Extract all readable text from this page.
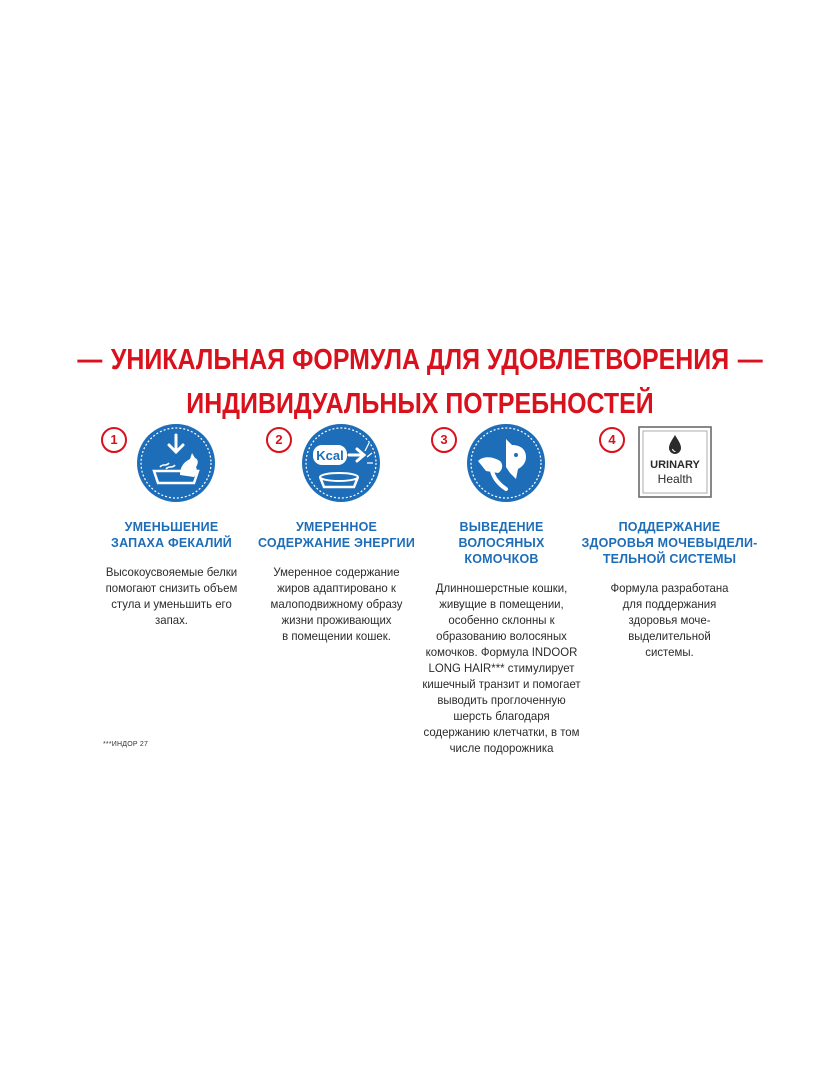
— УНИКАЛЬНАЯ ФОРМУЛА ДЛЯ УДОВЛЕТВОРЕНИЯ —
ИНДИВИДУАЛЬНЫХ ПОТРЕБНОСТЕЙ
1
УМЕНЬШЕНИЕ
ЗАПАХА ФЕКАЛИЙ
Высокоусвояемые белки
помогают снизить объем
стула и уменьшить его
запах.
2
Kcal
УМЕРЕННОЕ
СОДЕРЖАНИЕ ЭНЕРГИИ
Умеренное содержание
жиров адаптировано к
малоподвижному образу
жизни проживающих
в помещении кошек.
3
ВЫВЕДЕНИЕ
ВОЛОСЯНЫХ
КОМОЧКОВ
Длинношерстные кошки,
живущие в помещении,
особенно склонны к
образованию волосяных
комочков. Формула INDOOR
LONG HAIR*** стимулирует
кишечный транзит и помогает
выводить проглоченную
шерсть благодаря
содержанию клетчатки, в том
числе подорожника
4
URINARY
Health
ПОДДЕРЖАНИЕ
ЗДОРОВЬЯ МОЧЕВЫДЕЛИ-
ТЕЛЬНОЙ СИСТЕМЫ
Формула разработана
для поддержания
здоровья моче-
выделительной
системы.
***ИНДОР 27
